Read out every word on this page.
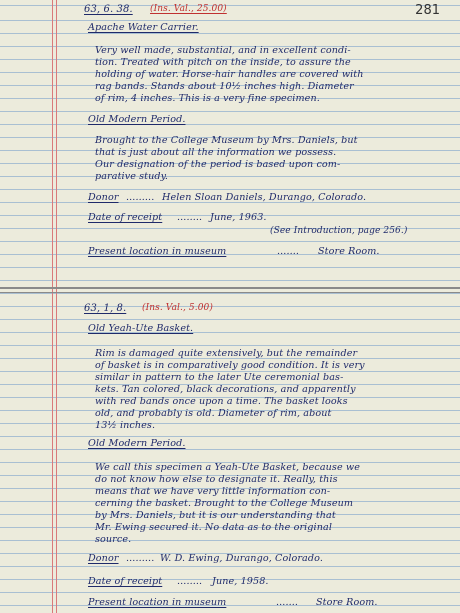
281
63, 6. 38. (Ins. Val., 25.00)
Apache Water Carrier.
Very well made, substantial, and in excellent condi-
tion. Treated with pitch on the inside, to assure the
holding of water. Horse-hair handles are covered with
rag bands. Stands about 10½ inches high. Diameter
of rim, 4 inches. This is a very fine specimen.
Old Modern Period.
Brought to the College Museum by Mrs. Daniels, but
that is just about all the information we possess.
Our designation of the period is based upon com-
parative study.
Donor ......... Helen Sloan Daniels, Durango, Colorado.
Date of receipt ........ June, 1963.
(See Introduction, page 256.)
Present location in museum	....... Store Room.
63, 1, 8. (Ins. Val., 5.00)
Old Yeah-Ute Basket.
Rim is damaged quite extensively, but the remainder
of basket is in comparatively good condition. It is very
similar in pattern to the later Ute ceremonial bas-
kets. Tan colored, black decorations, and apparently
with red bands once upon a time. The basket looks
old, and probably is old. Diameter of rim, about
13½ inches.
Old Modern Period.
We call this specimen a Yeah-Ute Basket, because we
do not know how else to designate it. Really, this
means that we have very little information con-
cerning the basket. Brought to the College Museum
by Mrs. Daniels, but it is our understanding that
Mr. Ewing secured it. No data as to the original
source.
Donor ......... W. D. Ewing, Durango, Colorado.
Date of receipt ........ June, 1958.
Present location in museum	....... Store Room.
